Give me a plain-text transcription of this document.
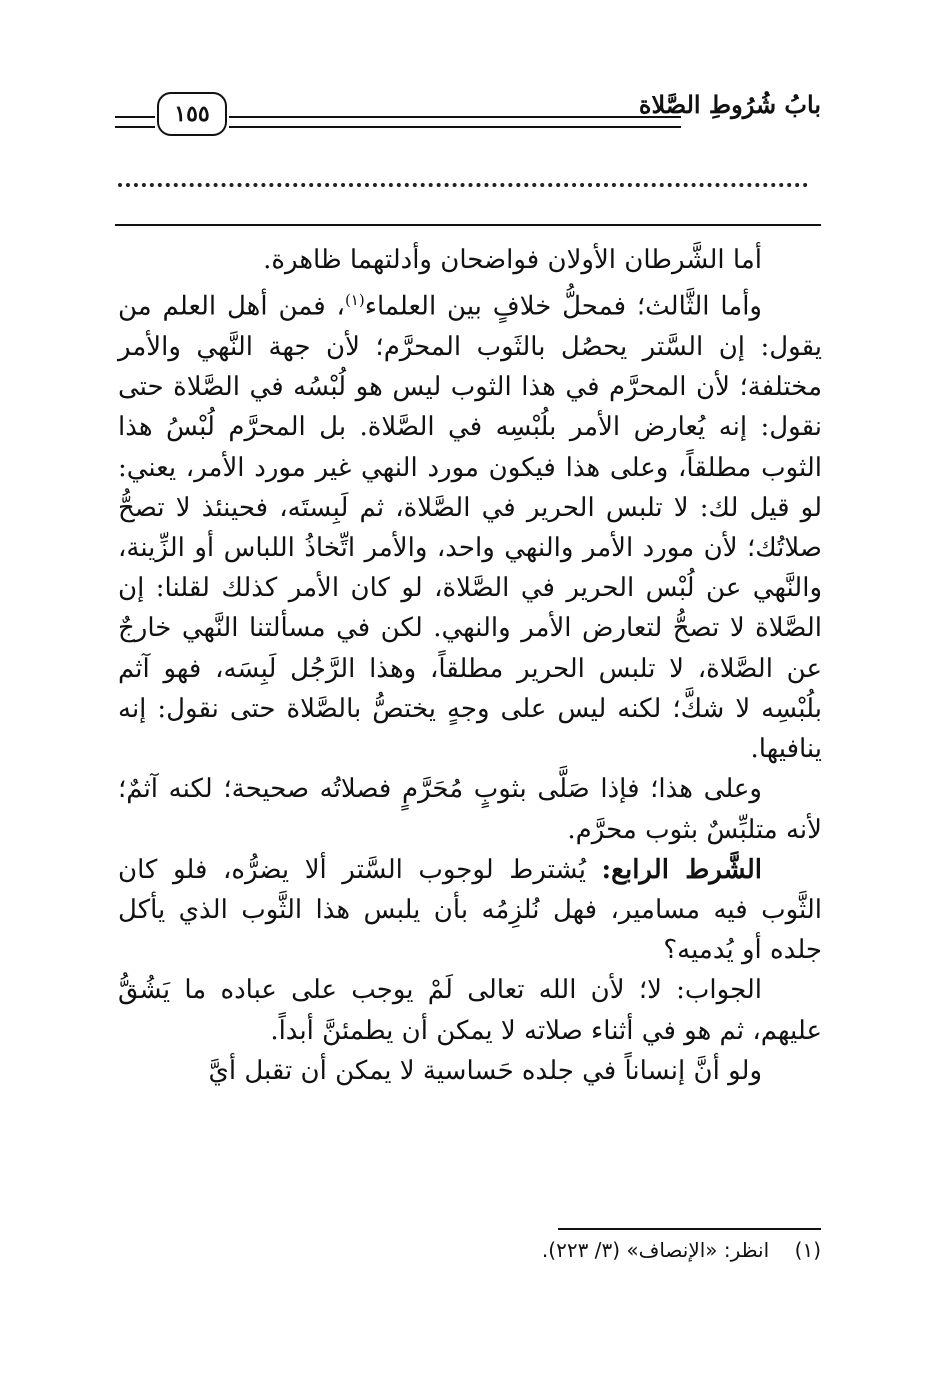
١٥٥	بابُ شُرُوطِ الصَّلاة

أما الشَّرطان الأولان فواضحان وأدلتهما ظاهرة.

وأما الثَّالث؛ فمحلُّ خلافٍ بين العلماء$^{(١)}$، فمن أهل العلم من يقول: إن السَّتر يحصُل بالثَوب المحرَّم؛ لأن جهة النَّهي والأمر مختلفة؛ لأن المحرَّم في هذا الثوب ليس هو لُبْسُه في الصَّلاة حتى نقول: إنه يُعارض الأمر بلُبْسِه في الصَّلاة. بل المحرَّم لُبْسُ هذا الثوب مطلقاً، وعلى هذا فيكون مورد النهي غير مورد الأمر، يعني: لو قيل لك: لا تلبس الحرير في الصَّلاة، ثم لَبِستَه، فحينئذ لا تصحُّ صلاتُك؛ لأن مورد الأمر والنهي واحد، والأمر اتِّخاذُ اللباس أو الزِّينة، والنَّهي عن لُبْس الحرير في الصَّلاة، لو كان الأمر كذلك لقلنا: إن الصَّلاة لا تصحُّ لتعارض الأمر والنهي. لكن في مسألتنا النَّهي خارجٌ عن الصَّلاة، لا تلبس الحرير مطلقاً، وهذا الرَّجُل لَبِسَه، فهو آثم بلُبْسِه لا شكَّ؛ لكنه ليس على وجهٍ يختصُّ بالصَّلاة حتى نقول: إنه ينافيها.

وعلى هذا؛ فإذا صَلَّى بثوبٍ مُحَرَّمٍ فصلاتُه صحيحة؛ لكنه آثمٌ؛ لأنه متلبِّسٌ بثوب محرَّم.

الشَّرط الرابع: يُشترط لوجوب السَّتر ألا يضرُّه، فلو كان الثَّوب فيه مسامير، فهل نُلزِمُه بأن يلبس هذا الثَّوب الذي يأكل جلده أو يُدميه؟

الجواب: لا؛ لأن الله تعالى لَمْ يوجب على عباده ما يَشُقُّ عليهم، ثم هو في أثناء صلاته لا يمكن أن يطمئنَّ أبداً.

ولو أنَّ إنساناً في جلده حَساسية لا يمكن أن تقبل أيَّ

(١)    انظر: «الإنصاف» (٣/ ٢٢٣).
